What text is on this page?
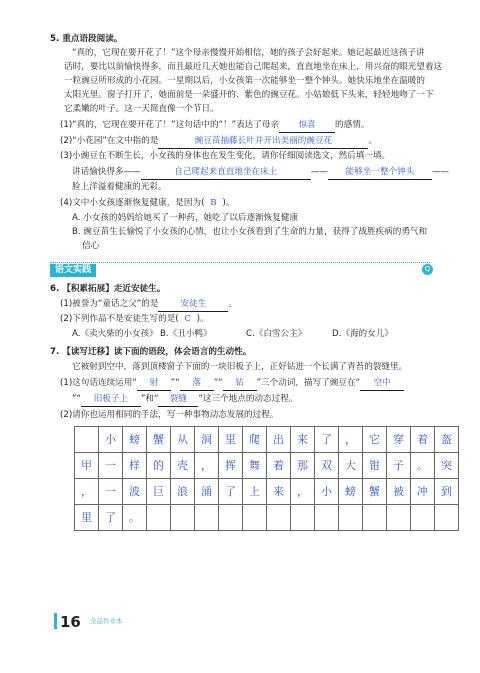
5. 重点语段阅读。
“真的，它现在要开花了！”这个母亲慢慢开始相信，她的孩子会好起来。她记起最近这孩子讲
话时，要比以前愉快得多，而且最近几天她也能自己爬起来，直直地坐在床上，用兴奋的眼光望着这
一粒豌豆所形成的小花园。一星期以后，小女孩第一次能够坐一整个钟头。她快乐地坐在温暖的
太阳光里。窗子打开了，她面前是一朵盛开的、紫色的豌豆花。小姑娘低下头来，轻轻地吻了一下
它柔嫩的叶子。这一天简直像一个节日。
(1)“真的，它现在要开花了！”这句话中的“！”表达了母亲 惊喜 的感情。
(2)“小花园”在文中指的是	豌豆苗抽藤长叶并开出美丽的豌豆花	。
(3)小豌豆在不断生长，小女孩的身体也在发生变化，请你仔细阅读选文，然后填一填。
讲话愉快得多——	自己爬起来直直地坐在床上	—— 能够坐一整个钟头 ——
脸上洋溢着健康的光彩。
(4)文中小女孩逐渐恢复健康，是因为( B )。
A. 小女孩的妈妈给她买了一种药，她吃了以后逐渐恢复健康
B. 豌豆苗生长愉悦了小女孩的心情，也让小女孩看到了生命的力量，获得了战胜疾病的勇气和
信心
语文实践	Q
6. 【积累拓展】走近安徒生。
(1)被誉为“童话之父”的是	安徒生	。
(2)下列作品不是安徒生写的是( C )。
A.《卖火柴的小女孩》 B.《丑小鸭》	C.《白雪公主》	D.《海的女儿》
7. 【读写迁移】读下面的语段，体会语言的生动性。
它被射到空中，落到顶楼窗子下面的一块旧板子上，正好钻进一个长满了青苔的裂缝里。
(1)这句话连续运用“ 射 ”“ 落 ”“ 钻 ”三个动词，描写了豌豆在“ 空中
”“ 旧板子上 ”和“ 裂缝 ”这三个地点的动态过程。
(2)请你也运用相同的手法，写一种事物动态发展的过程。
	小	螃	蟹	从	洞	里	爬	出	来	了	，	它	穿	着	盔
甲	一	样	的	壳	，	挥	舞	着	那	双	大	钳	子	。	突
，	一	波	巨	浪	涌	了	上	来	，	小	螃	蟹	被	冲	到
里	了	。													
16 全品作业本
